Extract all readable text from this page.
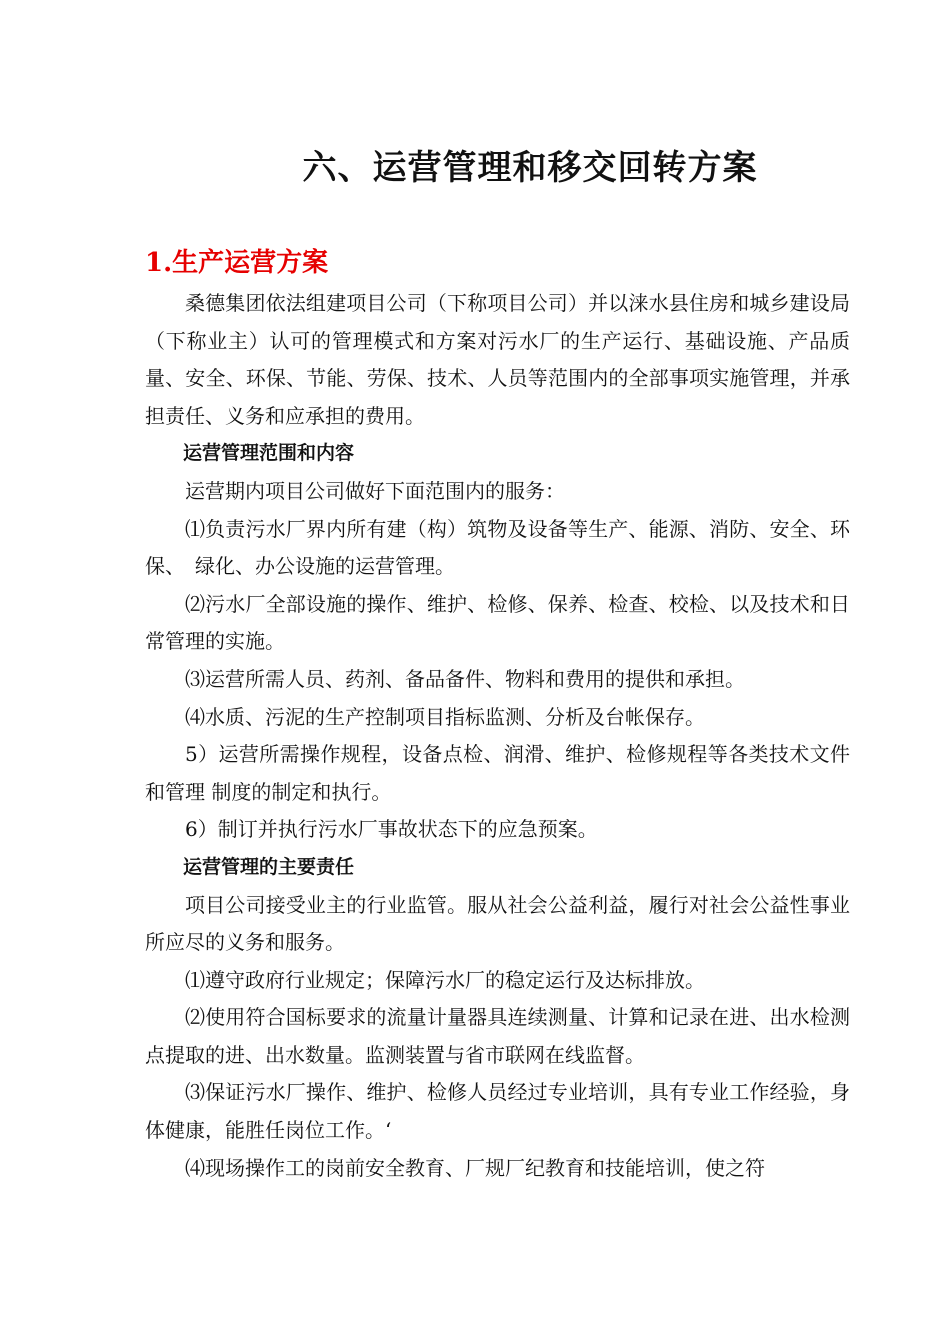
六、运营管理和移交回转方案
1.生产运营方案

桑德集团依法组建项目公司（下称项目公司）并以涞水县住房和城乡建设局（下称业主）认可的管理模式和方案对污水厂的生产运行、基础设施、产品质量、安全、环保、节能、劳保、技术、人员等范围内的全部事项实施管理，并承担责任、义务和应承担的费用。

运营管理范围和内容

运营期内项目公司做好下面范围内的服务：

⑴负责污水厂界内所有建（构）筑物及设备等生产、能源、消防、安全、环保、　绿化、办公设施的运营管理。

⑵污水厂全部设施的操作、维护、检修、保养、检查、校检、以及技术和日常管理的实施。

⑶运营所需人员、药剂、备品备件、物料和费用的提供和承担。

⑷水质、污泥的生产控制项目指标监测、分析及台帐保存。

5）运营所需操作规程，设备点检、润滑、维护、检修规程等各类技术文件和管理 制度的制定和执行。

6）制订并执行污水厂事故状态下的应急预案。

运营管理的主要责任

项目公司接受业主的行业监管。服从社会公益利益，履行对社会公益性事业所应尽的义务和服务。

⑴遵守政府行业规定；保障污水厂的稳定运行及达标排放。

⑵使用符合国标要求的流量计量器具连续测量、计算和记录在进、出水检测点提取的进、出水数量。监测装置与省市联网在线监督。

⑶保证污水厂操作、维护、检修人员经过专业培训，具有专业工作经验，身体健康，能胜任岗位工作。‘

⑷现场操作工的岗前安全教育、厂规厂纪教育和技能培训，使之符
